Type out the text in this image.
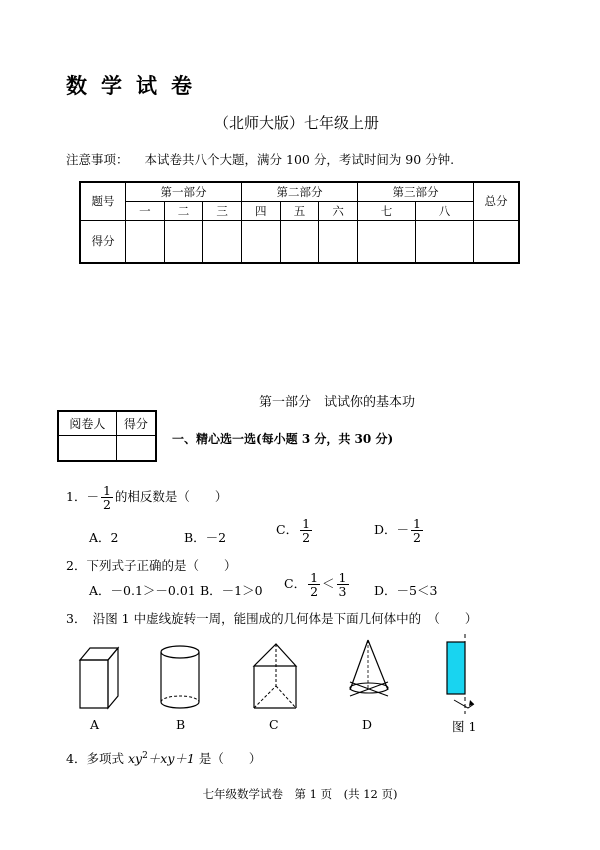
数学试卷
（北师大版）七年级上册
注意事项： 本试卷共八个大题，满分 100 分，考试时间为 90 分钟.
题号	第一部分			第二部分			第三部分		总分
	一	二	三	四	五	六	七	八	
得分									
第一部分　试试你的基本功
阅卷人	得分

一、精心选一选(每小题 3 分，共 30 分)
1．－ $\frac{1}{2}$ 的相反数是（　　）
A．2	B．－2
C． $\frac{1}{2}$	D．－ $\frac{1}{2}$
2．下列式子正确的是（　　）
A．－0.1＞－0.01 B．－1＞0 C． $\frac{1}{2} < \frac{1}{3}$ D．－5＜3
3．　沿图 1 中虚线旋转一周，能围成的几何体是下面几何体中的　（　　）
A	B	C	D	图 1
4．多项式 $xy^2+xy+1$ 是（　　）
七年级数学试卷　第 1 页　(共 12 页)
